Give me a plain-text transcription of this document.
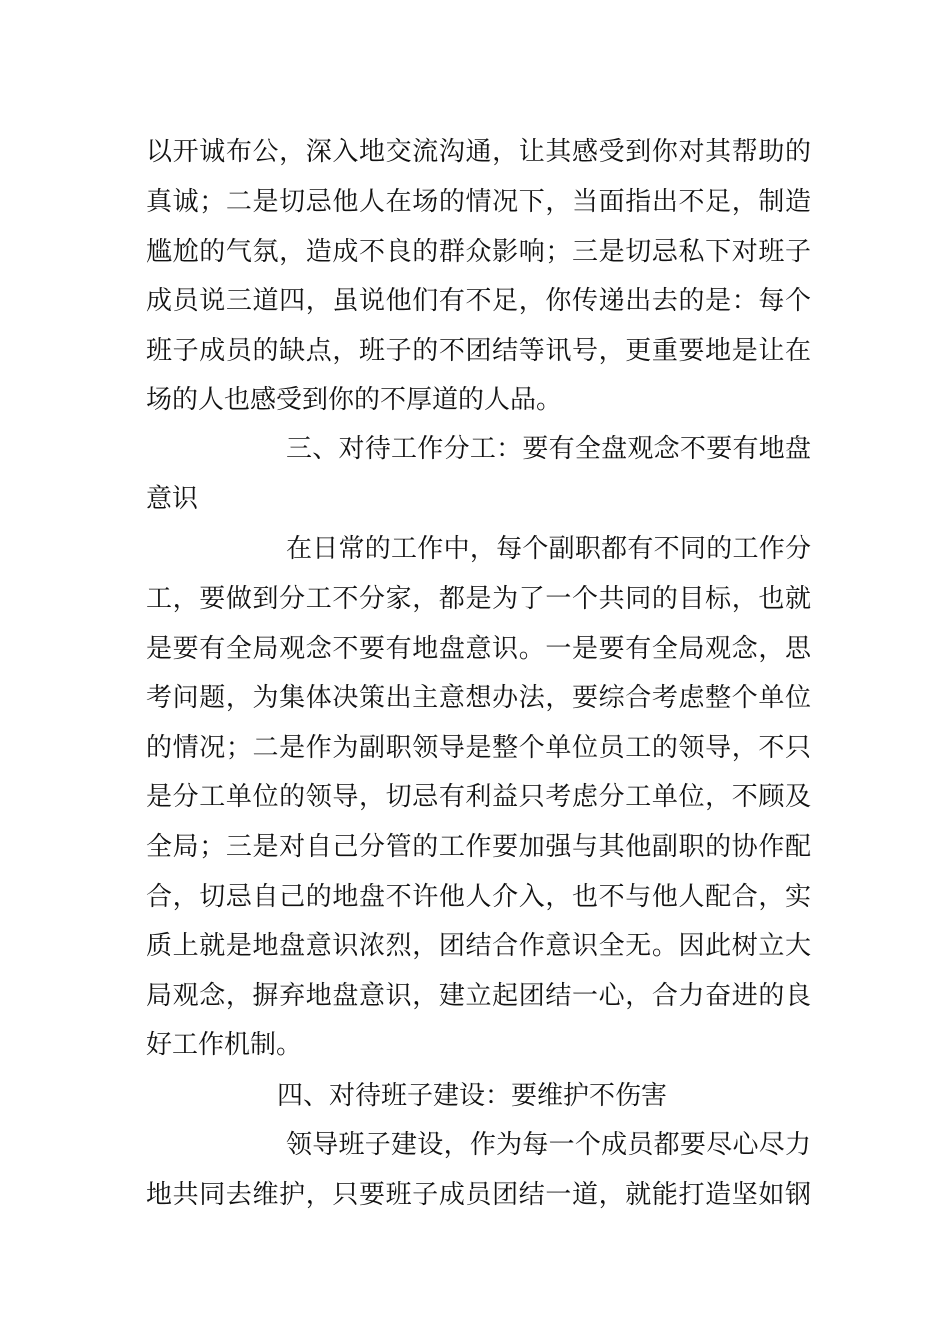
以开诚布公，深入地交流沟通，让其感受到你对其帮助的
真诚；二是切忌他人在场的情况下，当面指出不足，制造
尴尬的气氛，造成不良的群众影响；三是切忌私下对班子
成员说三道四，虽说他们有不足，你传递出去的是：每个
班子成员的缺点，班子的不团结等讯号，更重要地是让在
场的人也感受到你的不厚道的人品。
三、对待工作分工：要有全盘观念不要有地盘
意识
在日常的工作中，每个副职都有不同的工作分
工，要做到分工不分家，都是为了一个共同的目标，也就
是要有全局观念不要有地盘意识。一是要有全局观念，思
考问题，为集体决策出主意想办法，要综合考虑整个单位
的情况；二是作为副职领导是整个单位员工的领导，不只
是分工单位的领导，切忌有利益只考虑分工单位，不顾及
全局；三是对自己分管的工作要加强与其他副职的协作配
合，切忌自己的地盘不许他人介入，也不与他人配合，实
质上就是地盘意识浓烈，团结合作意识全无。因此树立大
局观念，摒弃地盘意识，建立起团结一心，合力奋进的良
好工作机制。
四、对待班子建设：要维护不伤害
领导班子建设，作为每一个成员都要尽心尽力
地共同去维护，只要班子成员团结一道，就能打造坚如钢
